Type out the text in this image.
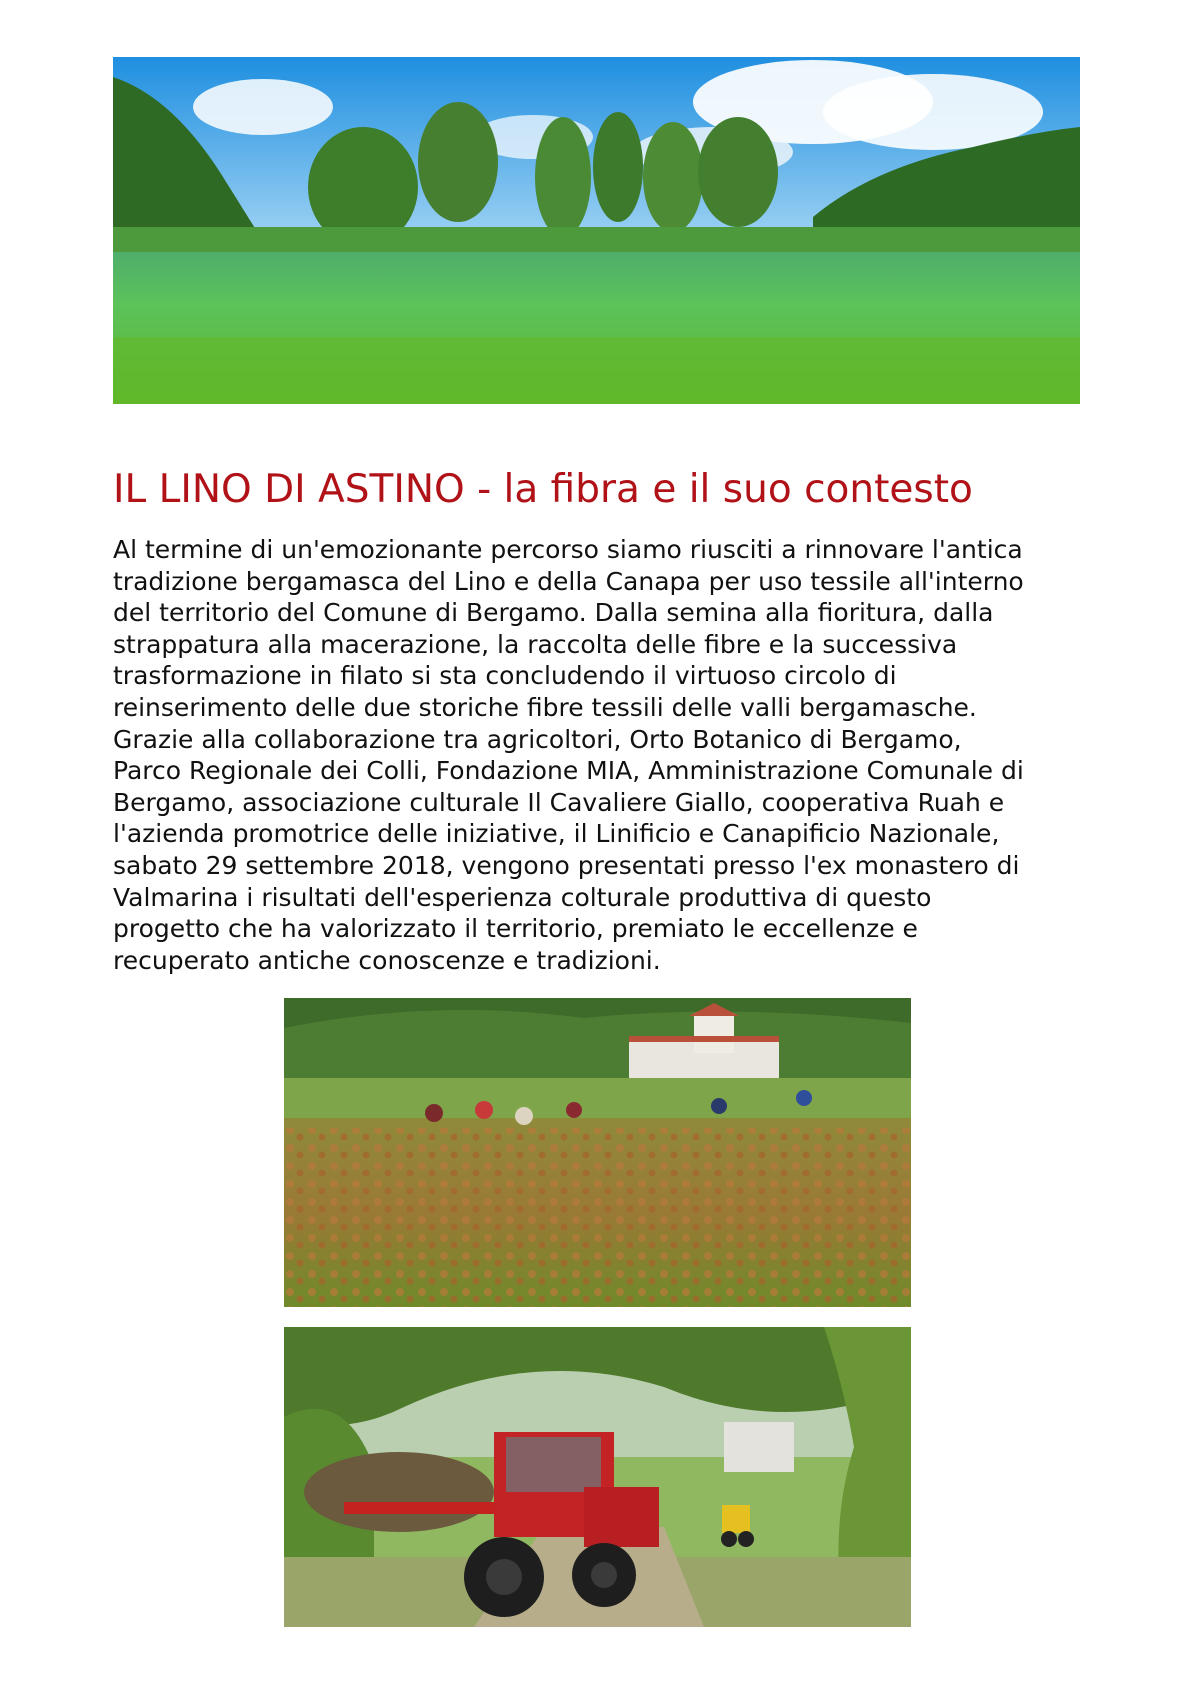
IL LINO DI ASTINO - la fibra e il suo contesto

Al termine di un'emozionante percorso siamo riusciti a rinnovare l'antica

tradizione bergamasca del Lino e della Canapa per uso tessile all'interno

del territorio del Comune di Bergamo. Dalla semina alla fioritura, dalla

strappatura alla macerazione, la raccolta delle fibre e la successiva

trasformazione in filato si sta concludendo il virtuoso circolo di

reinserimento delle due storiche fibre tessili delle valli bergamasche.

Grazie alla collaborazione tra agricoltori, Orto Botanico di Bergamo,

Parco Regionale dei Colli, Fondazione MIA, Amministrazione Comunale di

Bergamo, associazione culturale Il Cavaliere Giallo, cooperativa Ruah e

l'azienda promotrice delle iniziative, il Linificio e Canapificio Nazionale,

sabato 29 settembre 2018, vengono presentati presso l'ex monastero di

Valmarina i risultati dell'esperienza colturale produttiva di questo

progetto che ha valorizzato il territorio, premiato le eccellenze e

recuperato antiche conoscenze e tradizioni.
